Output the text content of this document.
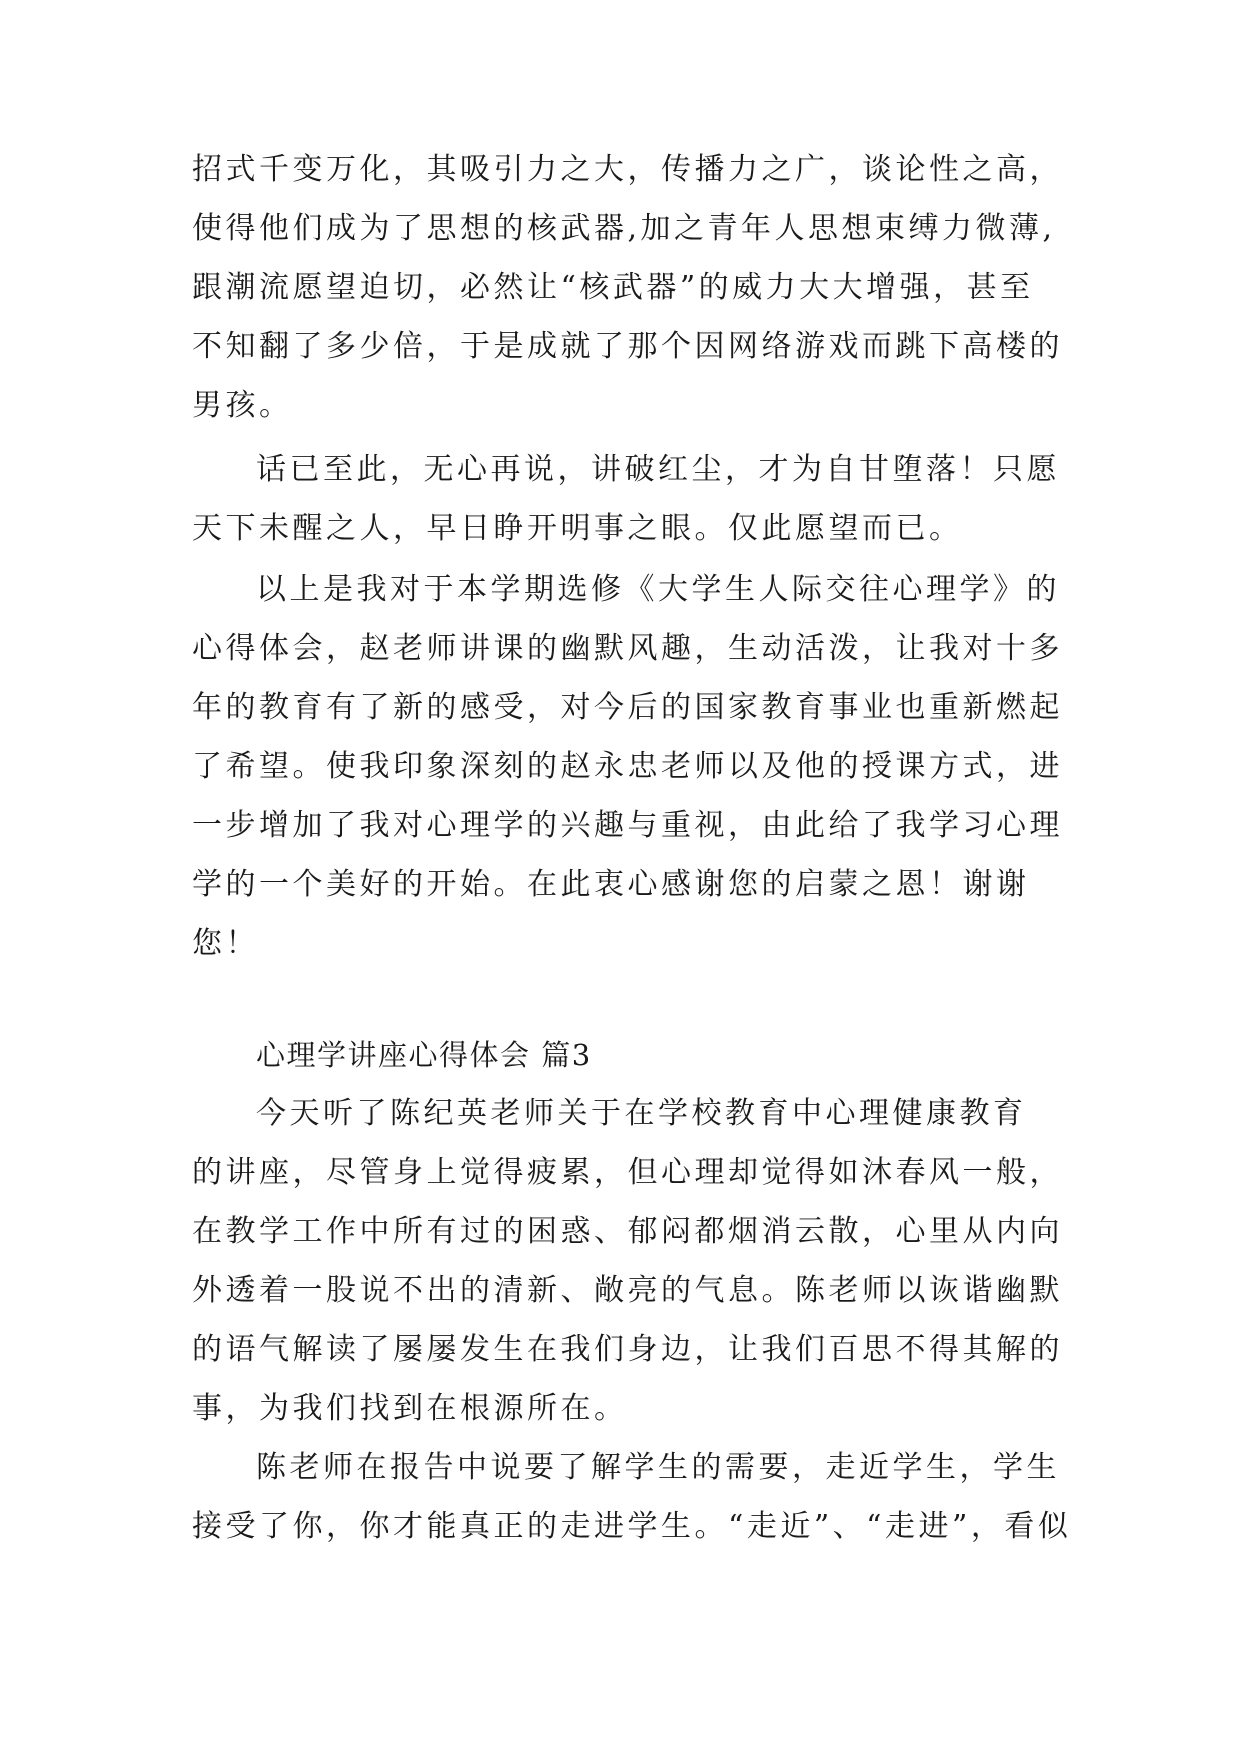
招式千变万化，其吸引力之大，传播力之广，谈论性之高，
使得他们成为了思想的核武器,加之青年人思想束缚力微薄,
跟潮流愿望迫切，必然让“核武器”的威力大大增强，甚至
不知翻了多少倍，于是成就了那个因网络游戏而跳下高楼的
男孩。
话已至此，无心再说，讲破红尘，才为自甘堕落！只愿
天下未醒之人，早日睁开明事之眼。仅此愿望而已。
以上是我对于本学期选修《大学生人际交往心理学》的
心得体会，赵老师讲课的幽默风趣，生动活泼，让我对十多
年的教育有了新的感受，对今后的国家教育事业也重新燃起
了希望。使我印象深刻的赵永忠老师以及他的授课方式，进
一步增加了我对心理学的兴趣与重视，由此给了我学习心理
学的一个美好的开始。在此衷心感谢您的启蒙之恩！谢谢
您！
心理学讲座心得体会 篇3
今天听了陈纪英老师关于在学校教育中心理健康教育
的讲座，尽管身上觉得疲累，但心理却觉得如沐春风一般，
在教学工作中所有过的困惑、郁闷都烟消云散，心里从内向
外透着一股说不出的清新、敞亮的气息。陈老师以诙谐幽默
的语气解读了屡屡发生在我们身边，让我们百思不得其解的
事，为我们找到在根源所在。
陈老师在报告中说要了解学生的需要，走近学生，学生
接受了你，你才能真正的走进学生。“走近”、“走进”，看似
